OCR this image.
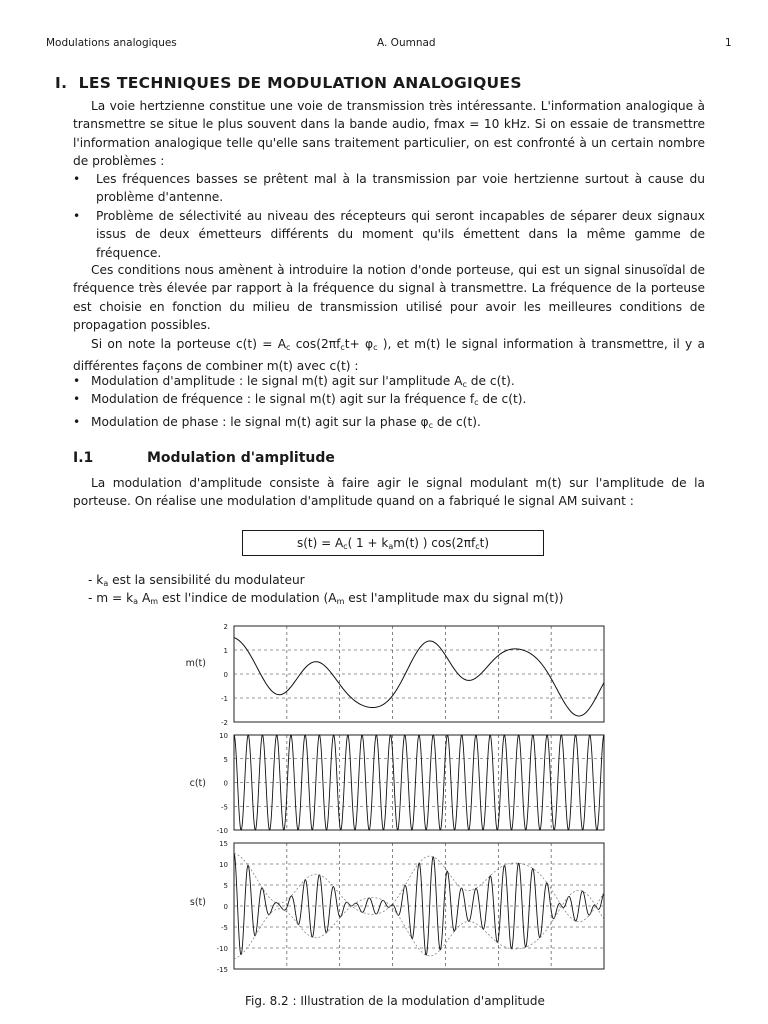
Modulations analogiques	A. Oumnad	1
I. LES TECHNIQUES DE MODULATION ANALOGIQUES
La voie hertzienne constitue une voie de transmission très intéressante. L'information analogique à transmettre se situe le plus souvent dans la bande audio, fmax = 10 kHz. Si on essaie de transmettre l'information analogique telle qu'elle sans traitement particulier, on est confronté à un certain nombre de problèmes :
•	Les fréquences basses se prêtent mal à la transmission par voie hertzienne surtout à cause du problème d'antenne.
•	Problème de sélectivité au niveau des récepteurs qui seront incapables de séparer deux signaux issus de deux émetteurs différents du moment qu'ils émettent dans la même gamme de fréquence.
Ces conditions nous amènent à introduire la notion d'onde porteuse, qui est un signal sinusoïdal de fréquence très élevée par rapport à la fréquence du signal à transmettre. La fréquence de la porteuse est choisie en fonction du milieu de transmission utilisé pour avoir les meilleures conditions de propagation possibles.
Si on note la porteuse $c(t) = A_c$ $\cos(2\pi f_ct+ \varphi_c$ ), et m(t) le signal information à transmettre, il y a différentes façons de combiner m(t) avec c(t) :
• Modulation d'amplitude : le signal m(t) agit sur l'amplitude $A_c$ de c(t).
• Modulation de fréquence : le signal m(t) agit sur la fréquence $f_c$ de c(t).
• Modulation de phase : le signal m(t) agit sur la phase $\varphi_c$ de c(t).
I.1	Modulation d'amplitude
La modulation d'amplitude consiste à faire agir le signal modulant m(t) sur l'amplitude de la porteuse. On réalise une modulation d'amplitude quand on a fabriqué le signal AM suivant :
$s(t) = A_c$( $1 + k_am(t)$ ) $\cos(2\pi f_ct)$
- $k_a$ est la sensibilité du modulateur
- $m = k_a$ $A_m$ est l'indice de modulation ($A_m$ est l'amplitude max du signal m(t))
2
1
0
-1
-2
m(t)
10
5
0
-5
-10
c(t)
15
10
5
0
-5
-10
-15
s(t)
Fig. 8.2 : Illustration de la modulation d'amplitude
